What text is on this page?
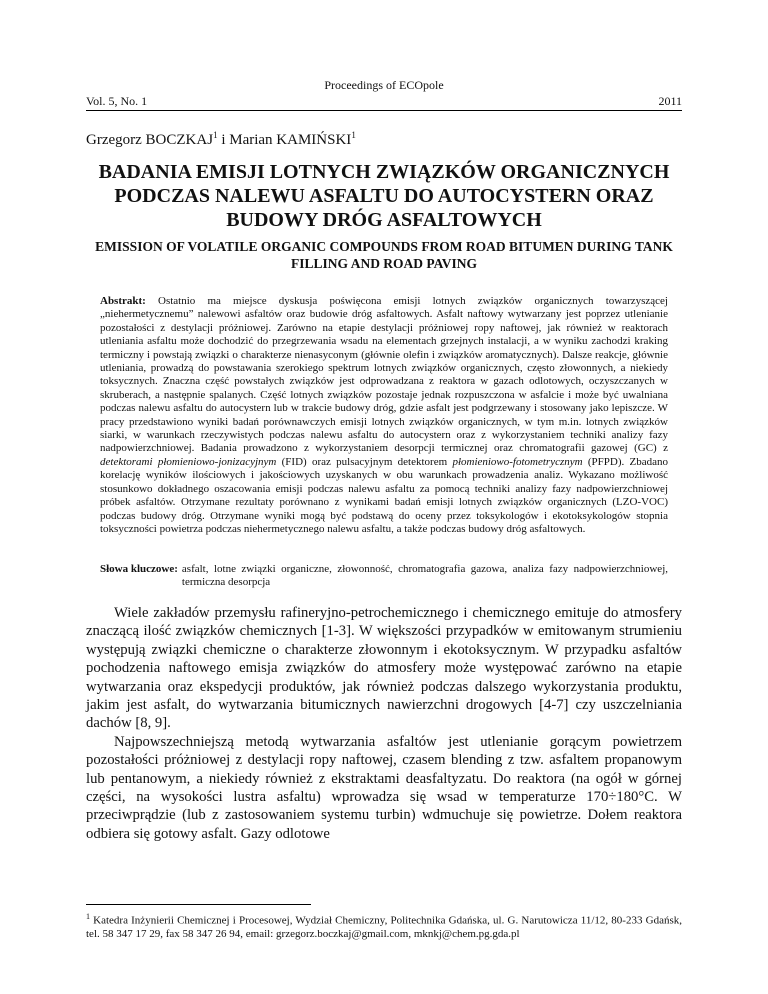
Proceedings of ECOpole
Vol. 5, No. 1	2011
Grzegorz BOCZKAJ$^1$ i Marian KAMIŃSKI$^1$
BADANIA EMISJI LOTNYCH ZWIĄZKÓW ORGANICZNYCH PODCZAS NALEWU ASFALTU DO AUTOCYSTERN ORAZ BUDOWY DRÓG ASFALTOWYCH
EMISSION OF VOLATILE ORGANIC COMPOUNDS FROM ROAD BITUMEN DURING TANK FILLING AND ROAD PAVING
Abstrakt: Ostatnio ma miejsce dyskusja poświęcona emisji lotnych związków organicznych towarzyszącej „niehermetycznemu” nalewowi asfaltów oraz budowie dróg asfaltowych. Asfalt naftowy wytwarzany jest poprzez utlenianie pozostałości z destylacji próżniowej. Zarówno na etapie destylacji próżniowej ropy naftowej, jak również w reaktorach utleniania asfaltu może dochodzić do przegrzewania wsadu na elementach grzejnych instalacji, a w wyniku zachodzi kraking termiczny i powstają związki o charakterze nienasyconym (głównie olefin i związków aromatycznych). Dalsze reakcje, głównie utleniania, prowadzą do powstawania szerokiego spektrum lotnych związków organicznych, często złowonnych, a niekiedy toksycznych. Znaczna część powstałych związków jest odprowadzana z reaktora w gazach odlotowych, oczyszczanych w skruberach, a następnie spalanych. Część lotnych związków pozostaje jednak rozpuszczona w asfalcie i może być uwalniana podczas nalewu asfaltu do autocystern lub w trakcie budowy dróg, gdzie asfalt jest podgrzewany i stosowany jako lepiszcze. W pracy przedstawiono wyniki badań porównawczych emisji lotnych związków organicznych, w tym m.in. lotnych związków siarki, w warunkach rzeczywistych podczas nalewu asfaltu do autocystern oraz z wykorzystaniem techniki analizy fazy nadpowierzchniowej. Badania prowadzono z wykorzystaniem desorpcji termicznej oraz chromatografii gazowej (GC) z detektorami płomieniowo-jonizacyjnym (FID) oraz pulsacyjnym detektorem płomieniowo-fotometrycznym (PFPD). Zbadano korelację wyników ilościowych i jakościowych uzyskanych w obu warunkach prowadzenia analiz. Wykazano możliwość stosunkowo dokładnego oszacowania emisji podczas nalewu asfaltu za pomocą techniki analizy fazy nadpowierzchniowej próbek asfaltów. Otrzymane rezultaty porównano z wynikami badań emisji lotnych związków organicznych (LZO-VOC) podczas budowy dróg. Otrzymane wyniki mogą być podstawą do oceny przez toksykologów i ekotoksykologów stopnia toksyczności powietrza podczas niehermetycznego nalewu asfaltu, a także podczas budowy dróg asfaltowych.
Słowa kluczowe: asfalt, lotne związki organiczne, złowonność, chromatografia gazowa, analiza fazy nadpowierzchniowej, termiczna desorpcja

Wiele zakładów przemysłu rafineryjno-petrochemicznego i chemicznego emituje do atmosfery znaczącą ilość związków chemicznych [1-3]. W większości przypadków w emitowanym strumieniu występują związki chemiczne o charakterze złowonnym i ekotoksycznym. W przypadku asfaltów pochodzenia naftowego emisja związków do atmosfery może występować zarówno na etapie wytwarzania oraz ekspedycji produktów, jak również podczas dalszego wykorzystania produktu, jakim jest asfalt, do wytwarzania bitumicznych nawierzchni drogowych [4-7] czy uszczelniania dachów [8, 9].

Najpowszechniejszą metodą wytwarzania asfaltów jest utlenianie gorącym powietrzem pozostałości próżniowej z destylacji ropy naftowej, czasem blending z tzw. asfaltem propanowym lub pentanowym, a niekiedy również z ekstraktami deasfaltyzatu. Do reaktora (na ogół w górnej części, na wysokości lustra asfaltu) wprowadza się wsad w temperaturze 170÷180°C. W przeciwprądzie (lub z zastosowaniem systemu turbin) wdmuchuje się powietrze. Dołem reaktora odbiera się gotowy asfalt. Gazy odlotowe

$^1$ Katedra Inżynierii Chemicznej i Procesowej, Wydział Chemiczny, Politechnika Gdańska, ul. G. Narutowicza 11/12, 80-233 Gdańsk, tel. 58 347 17 29, fax 58 347 26 94, email: grzegorz.boczkaj@gmail.com, mknkj@chem.pg.gda.pl
